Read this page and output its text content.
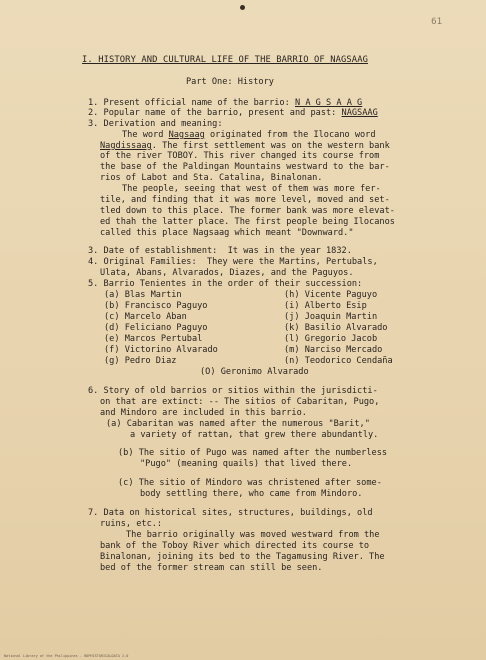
61

I. HISTORY AND CULTURAL LIFE OF THE BARRIO OF NAGSAAG

Part One: History

1. Present official name of the barrio: N A G S A A G

2. Popular name of the barrio, present and past: NAGSAAG

3. Derivation and meaning:

The word Nagsaag originated from the Ilocano word

Nagdissaag. The first settlement was on the western bank

of the river TOBOY. This river changed its course from

the base of the Paldingan Mountains westward to the bar-

rios of Labot and Sta. Catalina, Binalonan.

The people, seeing that west of them was more fer-

tile, and finding that it was more level, moved and set-

tled down to this place. The former bank was more elevat-

ed thah the latter place. The first people being Ilocanos

called this place Nagsaag which meant "Downward."

3. Date of establishment:  It was in the year 1832.

4. Original Families:  They were the Martins, Pertubals,

Ulata, Abans, Alvarados, Diazes, and the Paguyos.

5. Barrio Tenientes in the order of their succession:

(a) Blas Martin

(b) Francisco Paguyo

(c) Marcelo Aban

(d) Feliciano Paguyo

(e) Marcos Pertubal

(f) Victorino Alvarado

(g) Pedro Diaz

(h) Vicente Paguyo

(i) Alberto Esip

(j) Joaquin Martin

(k) Basilio Alvarado

(l) Gregorio Jacob

(m) Narciso Mercado

(n) Teodorico Cendaña

(O) Geronimo Alvarado

6. Story of old barrios or sitios within the jurisdicti-

on that are extinct: -- The sitios of Cabaritan, Pugo,

and Mindoro are included in this barrio.

(a) Cabaritan was named after the numerous "Barit,"

a variety of rattan, that grew there abundantly.

(b) The sitio of Pugo was named after the numberless

"Pugo" (meaning quails) that lived there.

(c) The sitio of Mindoro was christened after some-

body settling there, who came from Mindoro.

7. Data on historical sites, structures, buildings, old

ruins, etc.:

The barrio originally was moved westward from the

bank of the Toboy River which directed its course to

Binalonan, joining its bed to the Tagamusing River. The

bed of the former stream can still be seen.

National Library of the Philippines - HDPHISTORICALDATA 2.0
